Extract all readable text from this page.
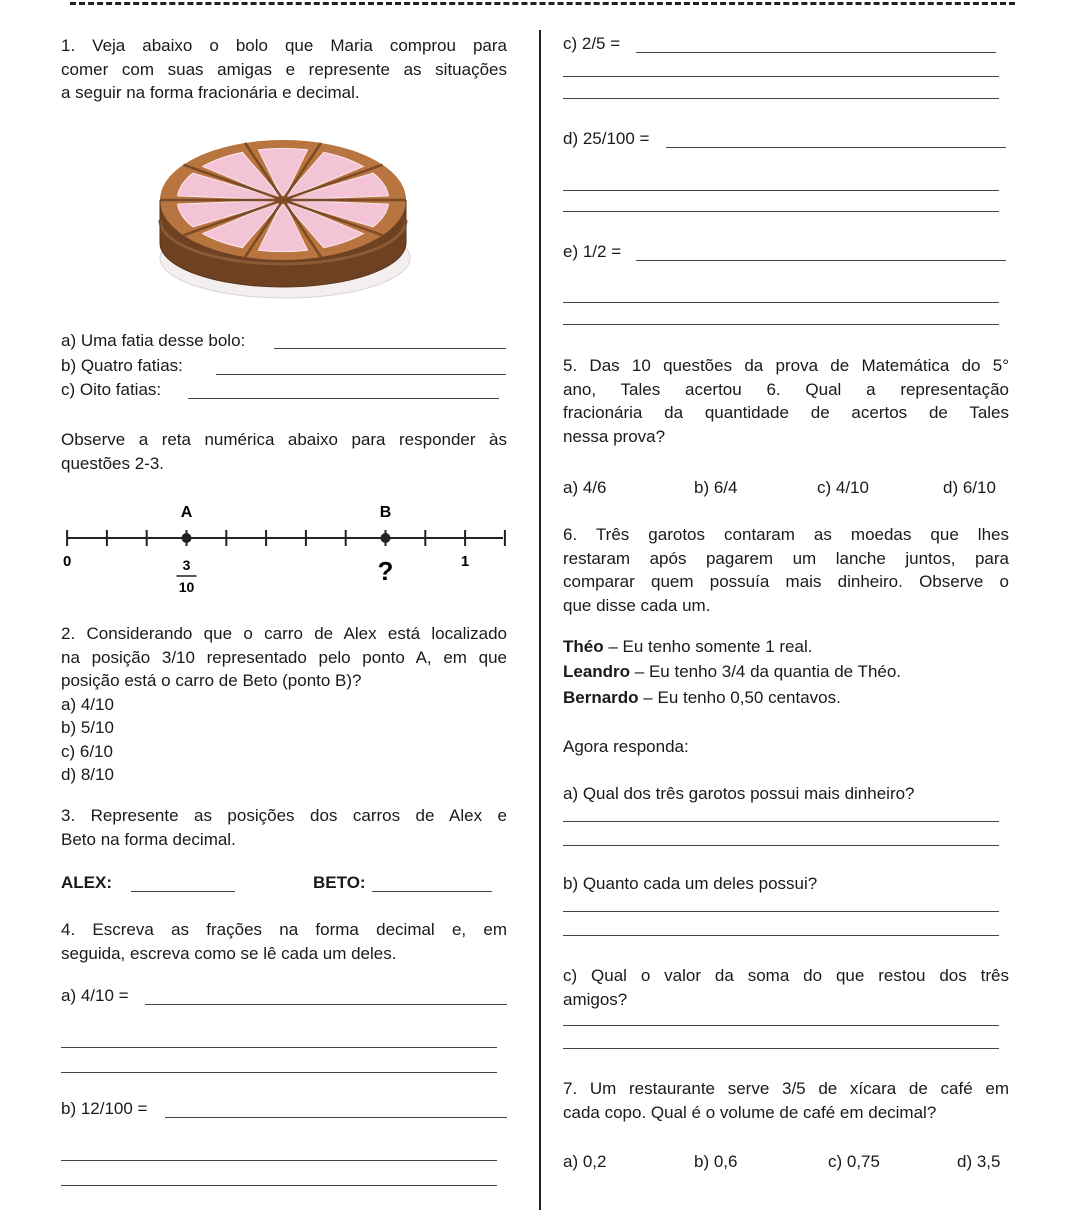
1. Veja abaixo o bolo que Maria comprou para
comer com suas amigas e represente as situações
a seguir na forma fracionária e decimal.
a) Uma fatia desse bolo:
b) Quatro fatias:
c) Oito fatias:
Observe a reta numérica abaixo para responder às
questões 2-3.
A	B
0	1
3
10
?
2. Considerando que o carro de Alex está localizado
na posição 3/10 representado pelo ponto A, em que
posição está o carro de Beto (ponto B)?
a) 4/10
b) 5/10
c) 6/10
d) 8/10
3. Represente as posições dos carros de Alex e
Beto na forma decimal.
ALEX:	BETO:
4. Escreva as frações na forma decimal e, em
seguida, escreva como se lê cada um deles.
a) 4/10 =
b) 12/100 =
c) 2/5 =
d) 25/100 =
e) 1/2 =
5. Das 10 questões da prova de Matemática do 5°
ano, Tales acertou 6. Qual a representação
fracionária da quantidade de acertos de Tales
nessa prova?
a) 4/6	b) 6/4	c) 4/10	d) 6/10
6. Três garotos contaram as moedas que lhes
restaram após pagarem um lanche juntos, para
comparar quem possuía mais dinheiro. Observe o
que disse cada um.
Théo – Eu tenho somente 1 real.
Leandro – Eu tenho 3/4 da quantia de Théo.
Bernardo – Eu tenho 0,50 centavos.
Agora responda:
a) Qual dos três garotos possui mais dinheiro?
b) Quanto cada um deles possui?
c) Qual o valor da soma do que restou dos três
amigos?
7. Um restaurante serve 3/5 de xícara de café em
cada copo. Qual é o volume de café em decimal?
a) 0,2	b) 0,6	c) 0,75	d) 3,5
